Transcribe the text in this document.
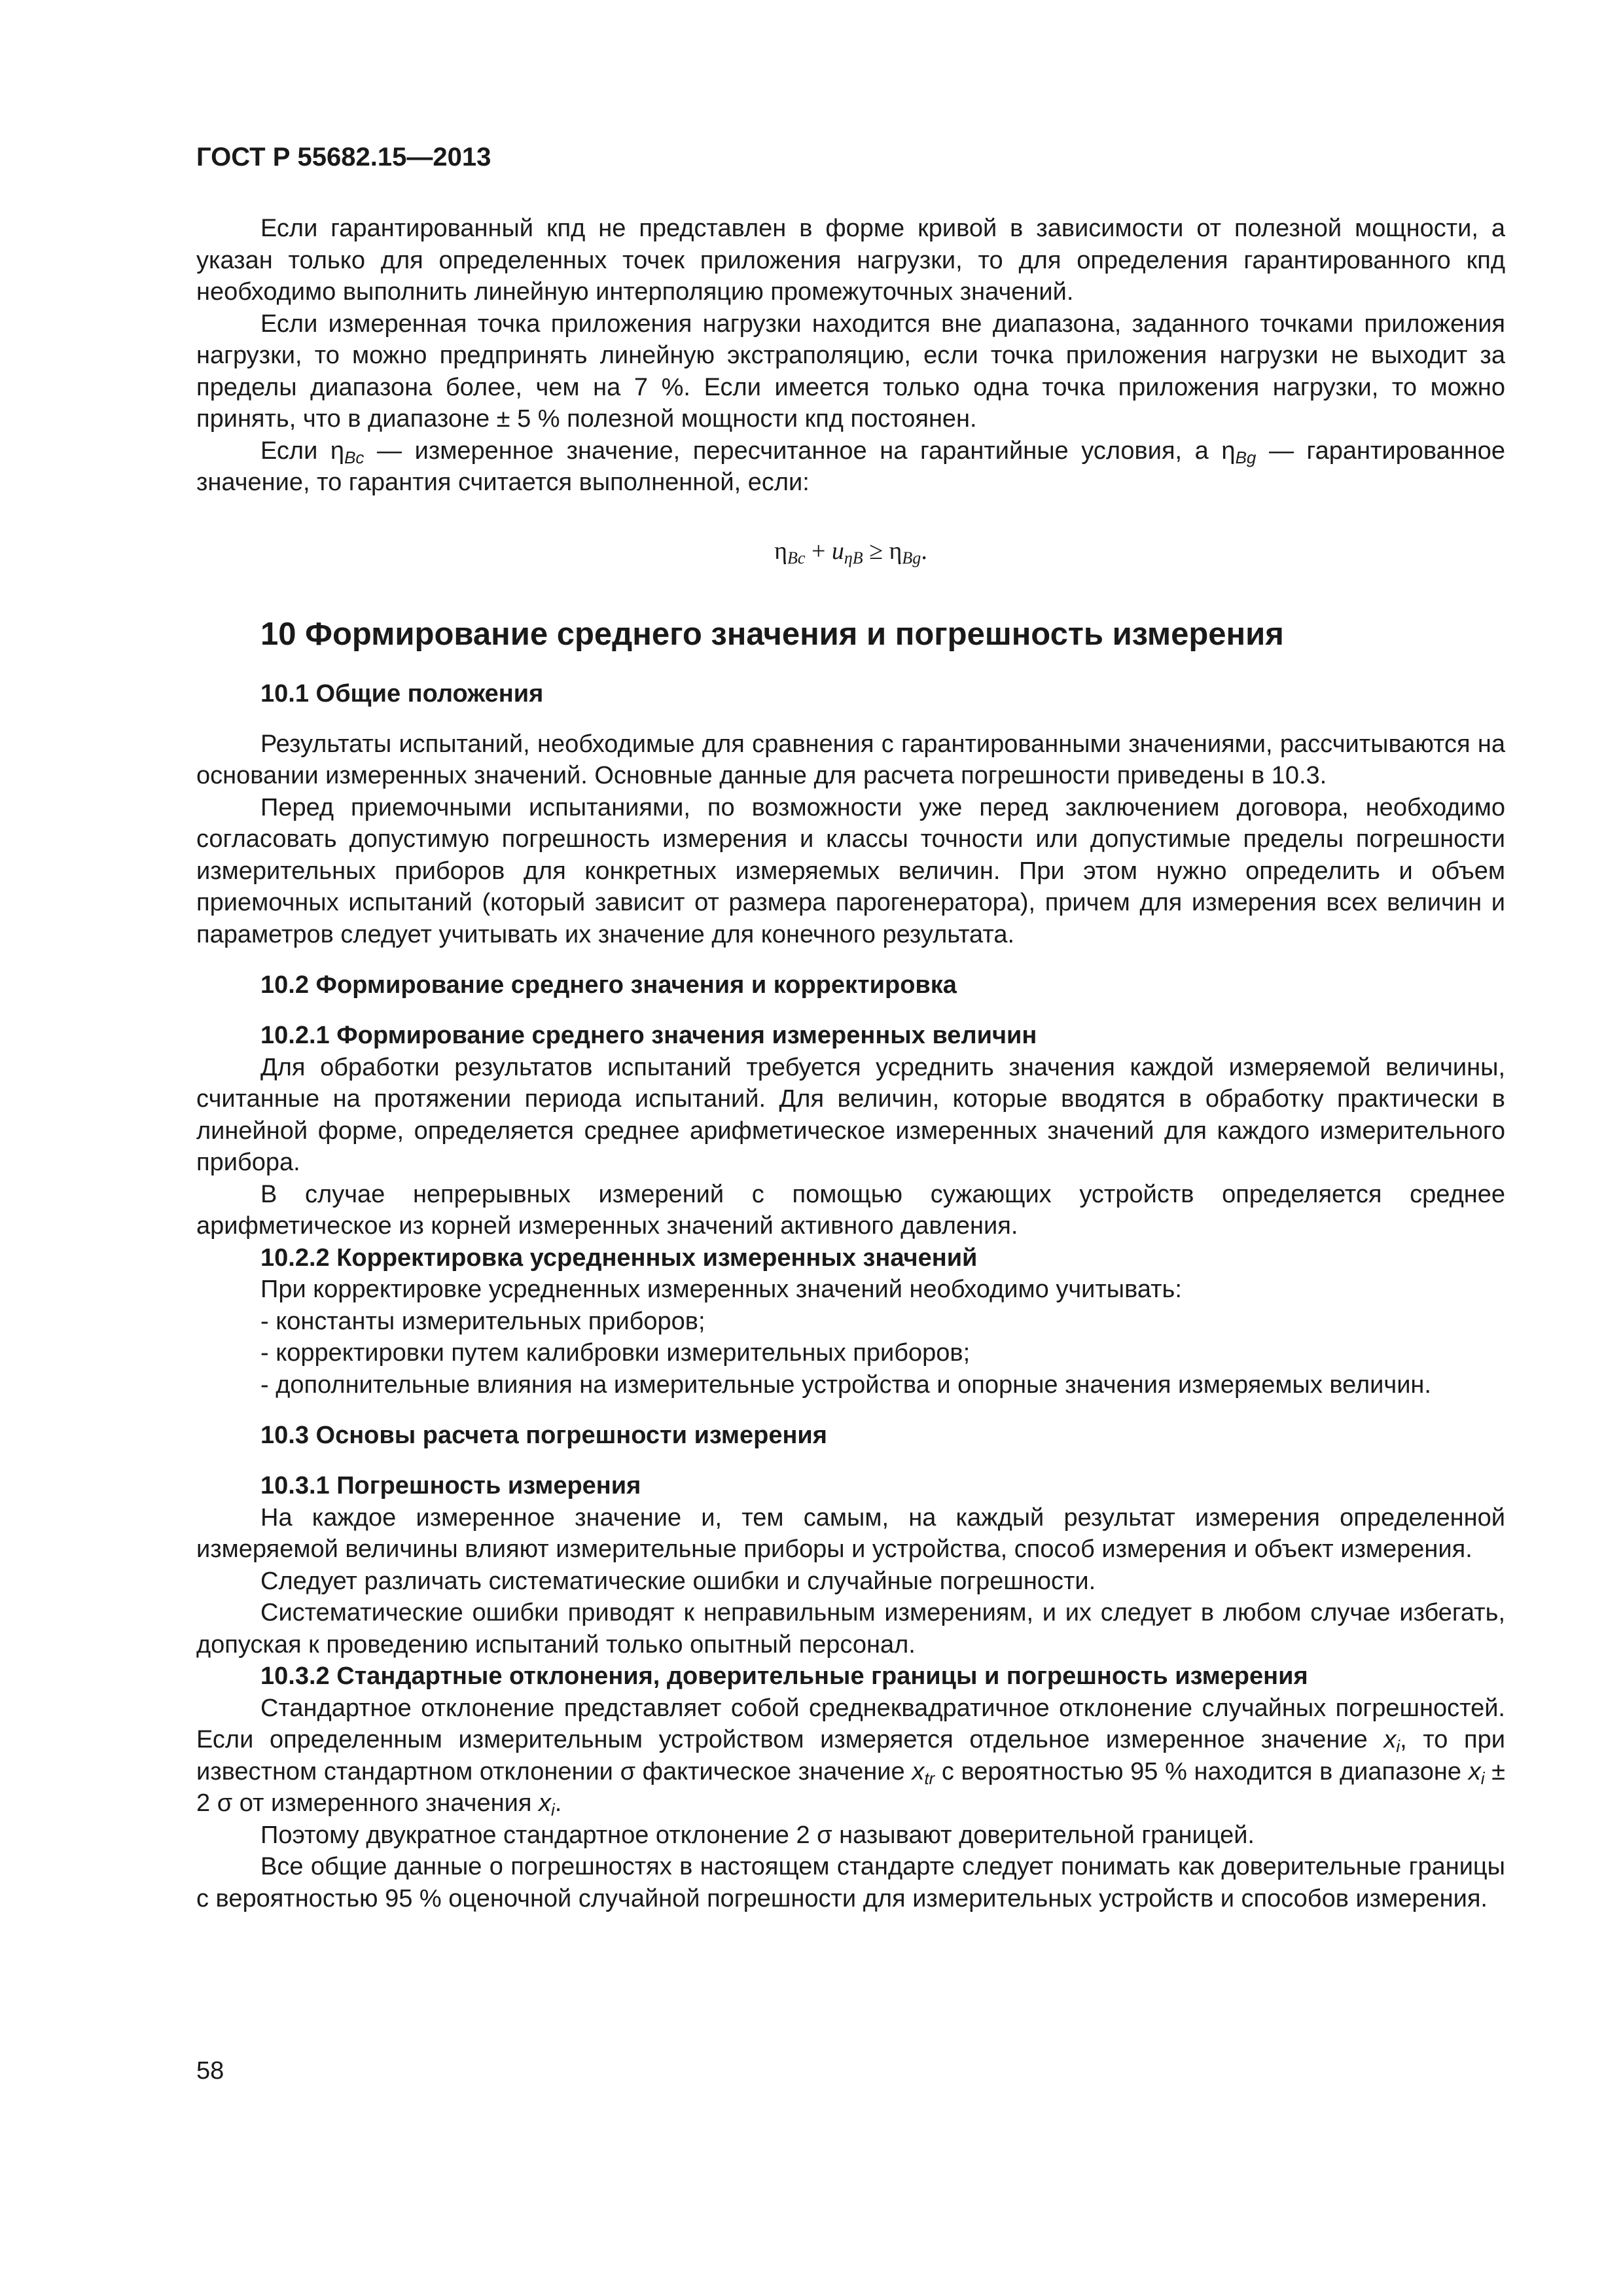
ГОСТ Р 55682.15—2013

Если гарантированный кпд не представлен в форме кривой в зависимости от полезной мощности, а указан только для определенных точек приложения нагрузки, то для определения гарантированного кпд необходимо выполнить линейную интерполяцию промежуточных значений.

Если измеренная точка приложения нагрузки находится вне диапазона, заданного точками приложения нагрузки, то можно предпринять линейную экстраполяцию, если точка приложения нагрузки не выходит за пределы диапазона более, чем на 7 %. Если имеется только одна точка приложения нагрузки, то можно принять, что в диапазоне ± 5 % полезной мощности кпд постоянен.

Если $\eta_{Bc}$ — измеренное значение, пересчитанное на гарантийные условия, а $\eta_{Bg}$ — гарантированное значение, то гарантия считается выполненной, если:

$\eta_{Bc} + u_{\eta B} \ge \eta_{Bg}$.
10 Формирование среднего значения и погрешность измерения
10.1 Общие положения

Результаты испытаний, необходимые для сравнения с гарантированными значениями, рассчитываются на основании измеренных значений. Основные данные для расчета погрешности приведены в 10.3.

Перед приемочными испытаниями, по возможности уже перед заключением договора, необходимо согласовать допустимую погрешность измерения и классы точности или допустимые пределы погрешности измерительных приборов для конкретных измеряемых величин. При этом нужно определить и объем приемочных испытаний (который зависит от размера парогенератора), причем для измерения всех величин и параметров следует учитывать их значение для конечного результата.

10.2 Формирование среднего значения и корректировка
10.2.1 Формирование среднего значения измеренных величин

Для обработки результатов испытаний требуется усреднить значения каждой измеряемой величины, считанные на протяжении периода испытаний. Для величин, которые вводятся в обработку практически в линейной форме, определяется среднее арифметическое измеренных значений для каждого измерительного прибора.

В случае непрерывных измерений с помощью сужающих устройств определяется среднее арифметическое из корней измеренных значений активного давления.

10.2.2 Корректировка усредненных измеренных значений

При корректировке усредненных измеренных значений необходимо учитывать:

- константы измерительных приборов;
- корректировки путем калибровки измерительных приборов;
- дополнительные влияния на измерительные устройства и опорные значения измеряемых величин.
10.3 Основы расчета погрешности измерения
10.3.1 Погрешность измерения

На каждое измеренное значение и, тем самым, на каждый результат измерения определенной измеряемой величины влияют измерительные приборы и устройства, способ измерения и объект измерения.

Следует различать систематические ошибки и случайные погрешности.

Систематические ошибки приводят к неправильным измерениям, и их следует в любом случае избегать, допуская к проведению испытаний только опытный персонал.

10.3.2 Стандартные отклонения, доверительные границы и погрешность измерения

Стандартное отклонение представляет собой среднеквадратичное отклонение случайных погрешностей. Если определенным измерительным устройством измеряется отдельное измеренное значение $x_i$, то при известном стандартном отклонении σ фактическое значение $x_{tr}$ с вероятностью 95 % находится в диапазоне $x_i \pm 2$ σ от измеренного значения $x_i$.

Поэтому двукратное стандартное отклонение 2 σ называют доверительной границей.

Все общие данные о погрешностях в настоящем стандарте следует понимать как доверительные границы с вероятностью 95 % оценочной случайной погрешности для измерительных устройств и способов измерения.

58
